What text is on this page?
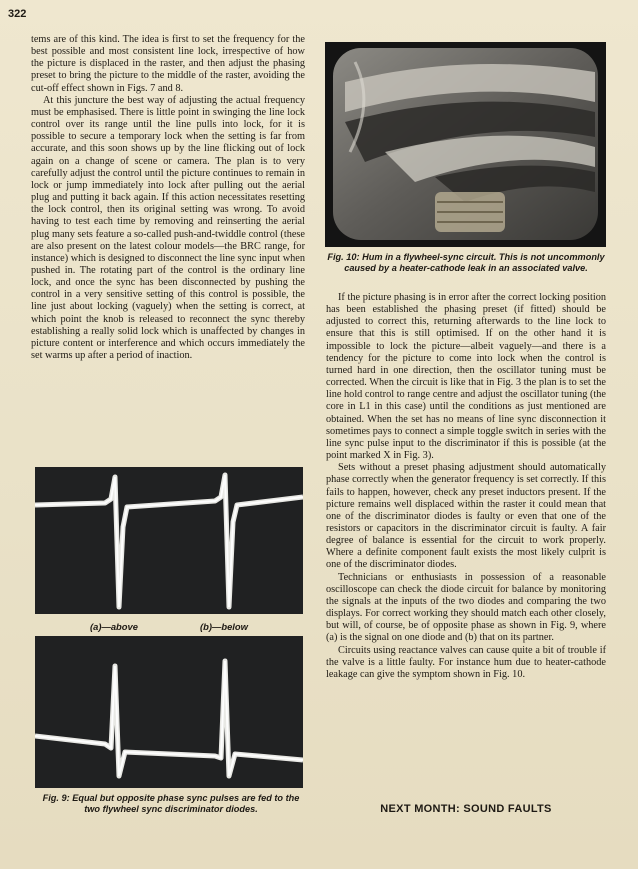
322

tems are of this kind. The idea is first to set the frequency for the best possible and most consistent line lock, irrespective of how the picture is displaced in the raster, and then adjust the phasing preset to bring the picture to the middle of the raster, avoiding the cut-off effect shown in Figs. 7 and 8.

At this juncture the best way of adjusting the actual frequency must be emphasised. There is little point in swinging the line lock control over its range until the line pulls into lock, for it is possible to secure a temporary lock when the setting is far from accurate, and this soon shows up by the line flicking out of lock again on a change of scene or camera. The plan is to very carefully adjust the control until the picture continues to remain in lock or jump immediately into lock after pulling out the aerial plug and putting it back again. If this action necessitates resetting the lock control, then its original setting was wrong. To avoid having to test each time by removing and reinserting the aerial plug many sets feature a so-called push-and-twiddle control (these are also present on the latest colour models—the BRC range, for instance) which is designed to disconnect the line sync input when pushed in. The rotating part of the control is the ordinary line lock, and once the sync has been disconnected by pushing the control in a very sensitive setting of this control is possible, the line just about locking (vaguely) when the setting is correct, at which point the knob is released to reconnect the sync thereby establishing a really solid lock which is unaffected by changes in picture content or interference and which occurs immediately the set warms up after a period of inaction.

Fig. 10: Hum in a flywheel-sync circuit. This is not uncommonly caused by a heater-cathode leak in an associated valve.

If the picture phasing is in error after the correct locking position has been established the phasing preset (if fitted) should be adjusted to correct this, returning afterwards to the line lock to ensure that this is still optimised. If on the other hand it is impossible to lock the picture—albeit vaguely—and there is a tendency for the picture to come into lock when the control is turned hard in one direction, then the oscillator tuning must be corrected. When the circuit is like that in Fig. 3 the plan is to set the line hold control to range centre and adjust the oscillator tuning (the core in L1 in this case) until the conditions as just mentioned are obtained. When the set has no means of line sync disconnection it sometimes pays to connect a simple toggle switch in series with the line sync pulse input to the discriminator if this is possible (at the point marked X in Fig. 3).

Sets without a preset phasing adjustment should automatically phase correctly when the generator frequency is set correctly. If this fails to happen, however, check any preset inductors present. If the picture remains well displaced within the raster it could mean that one of the discriminator diodes is faulty or even that one of the resistors or capacitors in the discriminator circuit is faulty. A fair degree of balance is essential for the circuit to work properly. Where a definite component fault exists the most likely culprit is one of the discriminator diodes.

Technicians or enthusiasts in possession of a reasonable oscilloscope can check the diode circuit for balance by monitoring the signals at the inputs of the two diodes and comparing the two displays. For correct working they should match each other closely, but will, of course, be of opposite phase as shown in Fig. 9, where (a) is the signal on one diode and (b) that on its partner.

Circuits using reactance valves can cause quite a bit of trouble if the valve is a little faulty. For instance hum due to heater-cathode leakage can give the symptom shown in Fig. 10.

(a)—above	(b)—below
Fig. 9: Equal but opposite phase sync pulses are fed to the two flywheel sync discriminator diodes.	NEXT MONTH: SOUND FAULTS
